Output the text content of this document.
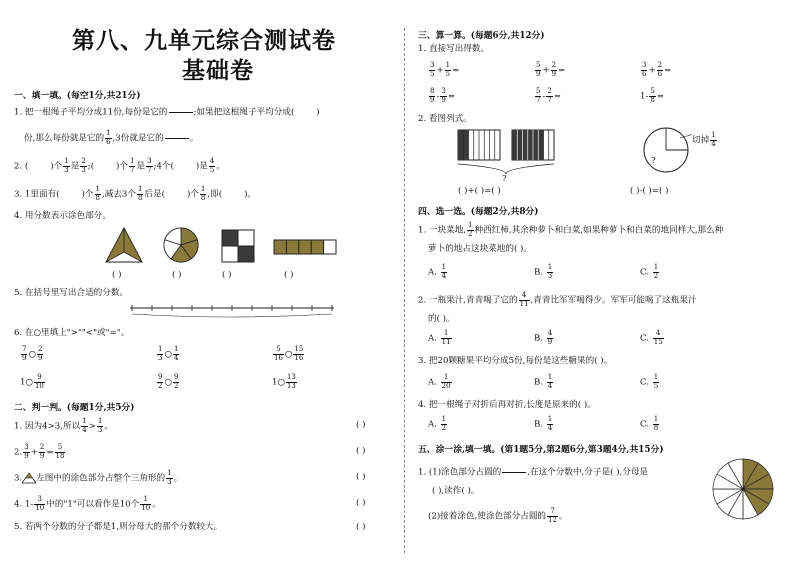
第八、九单元综合测试卷
基础卷
一、填一填。(每空1分,共21分)
1. 把一根绳子平均分成11份,每份是它的

	;如果把这根绳子平均分成(	)
份,那么每份就是它的 $\frac{1}{6} ,3$份就是它的

	。
2. (	)个 $\frac{1}{3}$ 是 $\frac{2}{3}$ ;(	)个 $\frac{1}{7}$ 是 $\frac{3}{7}$ ;4个(	)是 $\frac{4}{5}$ 。
3. 1里面有(	)个 $\frac{1}{8}$ ,减去3个 $\frac{1}{8}$ 后是(	)个 $\frac{1}{8}$ ,即(	)。
4. 用分数表示涂色部分。
( )	( )	( )	( )
5. 在括号里写出合适的分数。
6. 在○里填上">""<"或"="。
$\frac{7}{9}$ ○ $\frac{2}{9}$	$\frac{1}{3}$ ○ $\frac{1}{4}$	$\frac{5}{16}$ ○ $\frac{15}{16}$
1○ $\frac{9}{10}$	$\frac{9}{2}$ ○ $\frac{9}{2}$	1○ $\frac{13}{13}$
二、判一判。(每题1分,共5分)
1. 因为4>3,所以 $\frac{1}{4} > \frac{1}{3}$ 。	( )
2. $\frac{3}{9} + \frac{2}{9} = \frac{5}{18}$	( )
3. 左图中的涂色部分占整个三角形的 $\frac{1}{3}$ 。	( )
4. $1- \frac{3}{10}$ 中的"1"可以看作是10个 $\frac{1}{10}$ 。	( )
5. 若两个分数的分子都是1,则分母大的那个分数较大。	( )
三、算一算。(每题6分,共12分)
1. 直接写出得数。
$\frac{3}{5} + \frac{1}{5}$ =	$\frac{5}{9} + \frac{2}{9}$ =	$\frac{3}{6} + \frac{2}{6}$ =
$\frac{8}{9} - \frac{3}{9}$ =	$\frac{5}{7} - \frac{2}{7}$ =	$1- \frac{5}{8}$ =
2. 看图列式。
?
( )+( )=( )
?
切掉 $\frac{1}{4}$
( )-( )=( )
四、选一选。(每题2分,共8分)
1. 一块菜地, $\frac{1}{2}$ 种西红柿,其余种萝卜和白菜,如果种萝卜和白菜的地同样大,那么种
萝卜的地占这块菜地的( )。
A. $\frac{1}{4}$	B. $\frac{1}{3}$	C. $\frac{1}{2}$
2. 一瓶果汁,青青喝了它的 $\frac{4}{11}$ ,青青比军军喝得少。军军可能喝了这瓶果汁
的( )。
A. $\frac{1}{11}$	B. $\frac{4}{9}$	C. $\frac{4}{15}$
3. 把20颗糖果平均分成5份,每份是这些糖果的( )。
A. $\frac{1}{20}$	B. $\frac{1}{4}$	C. $\frac{1}{5}$
4. 把一根绳子对折后再对折,长度是原来的( )。
A. $\frac{1}{2}$	B. $\frac{1}{4}$	C. $\frac{1}{8}$
五、涂一涂,填一填。(第1题5分,第2题6分,第3题4分,共15分)
1. (1)涂色部分占圆的

	,在这个分数中,分子是( ),分母是
( ),读作( )。
(2)接着涂色,使涂色部分占圆的 $\frac{7}{12}$ 。
